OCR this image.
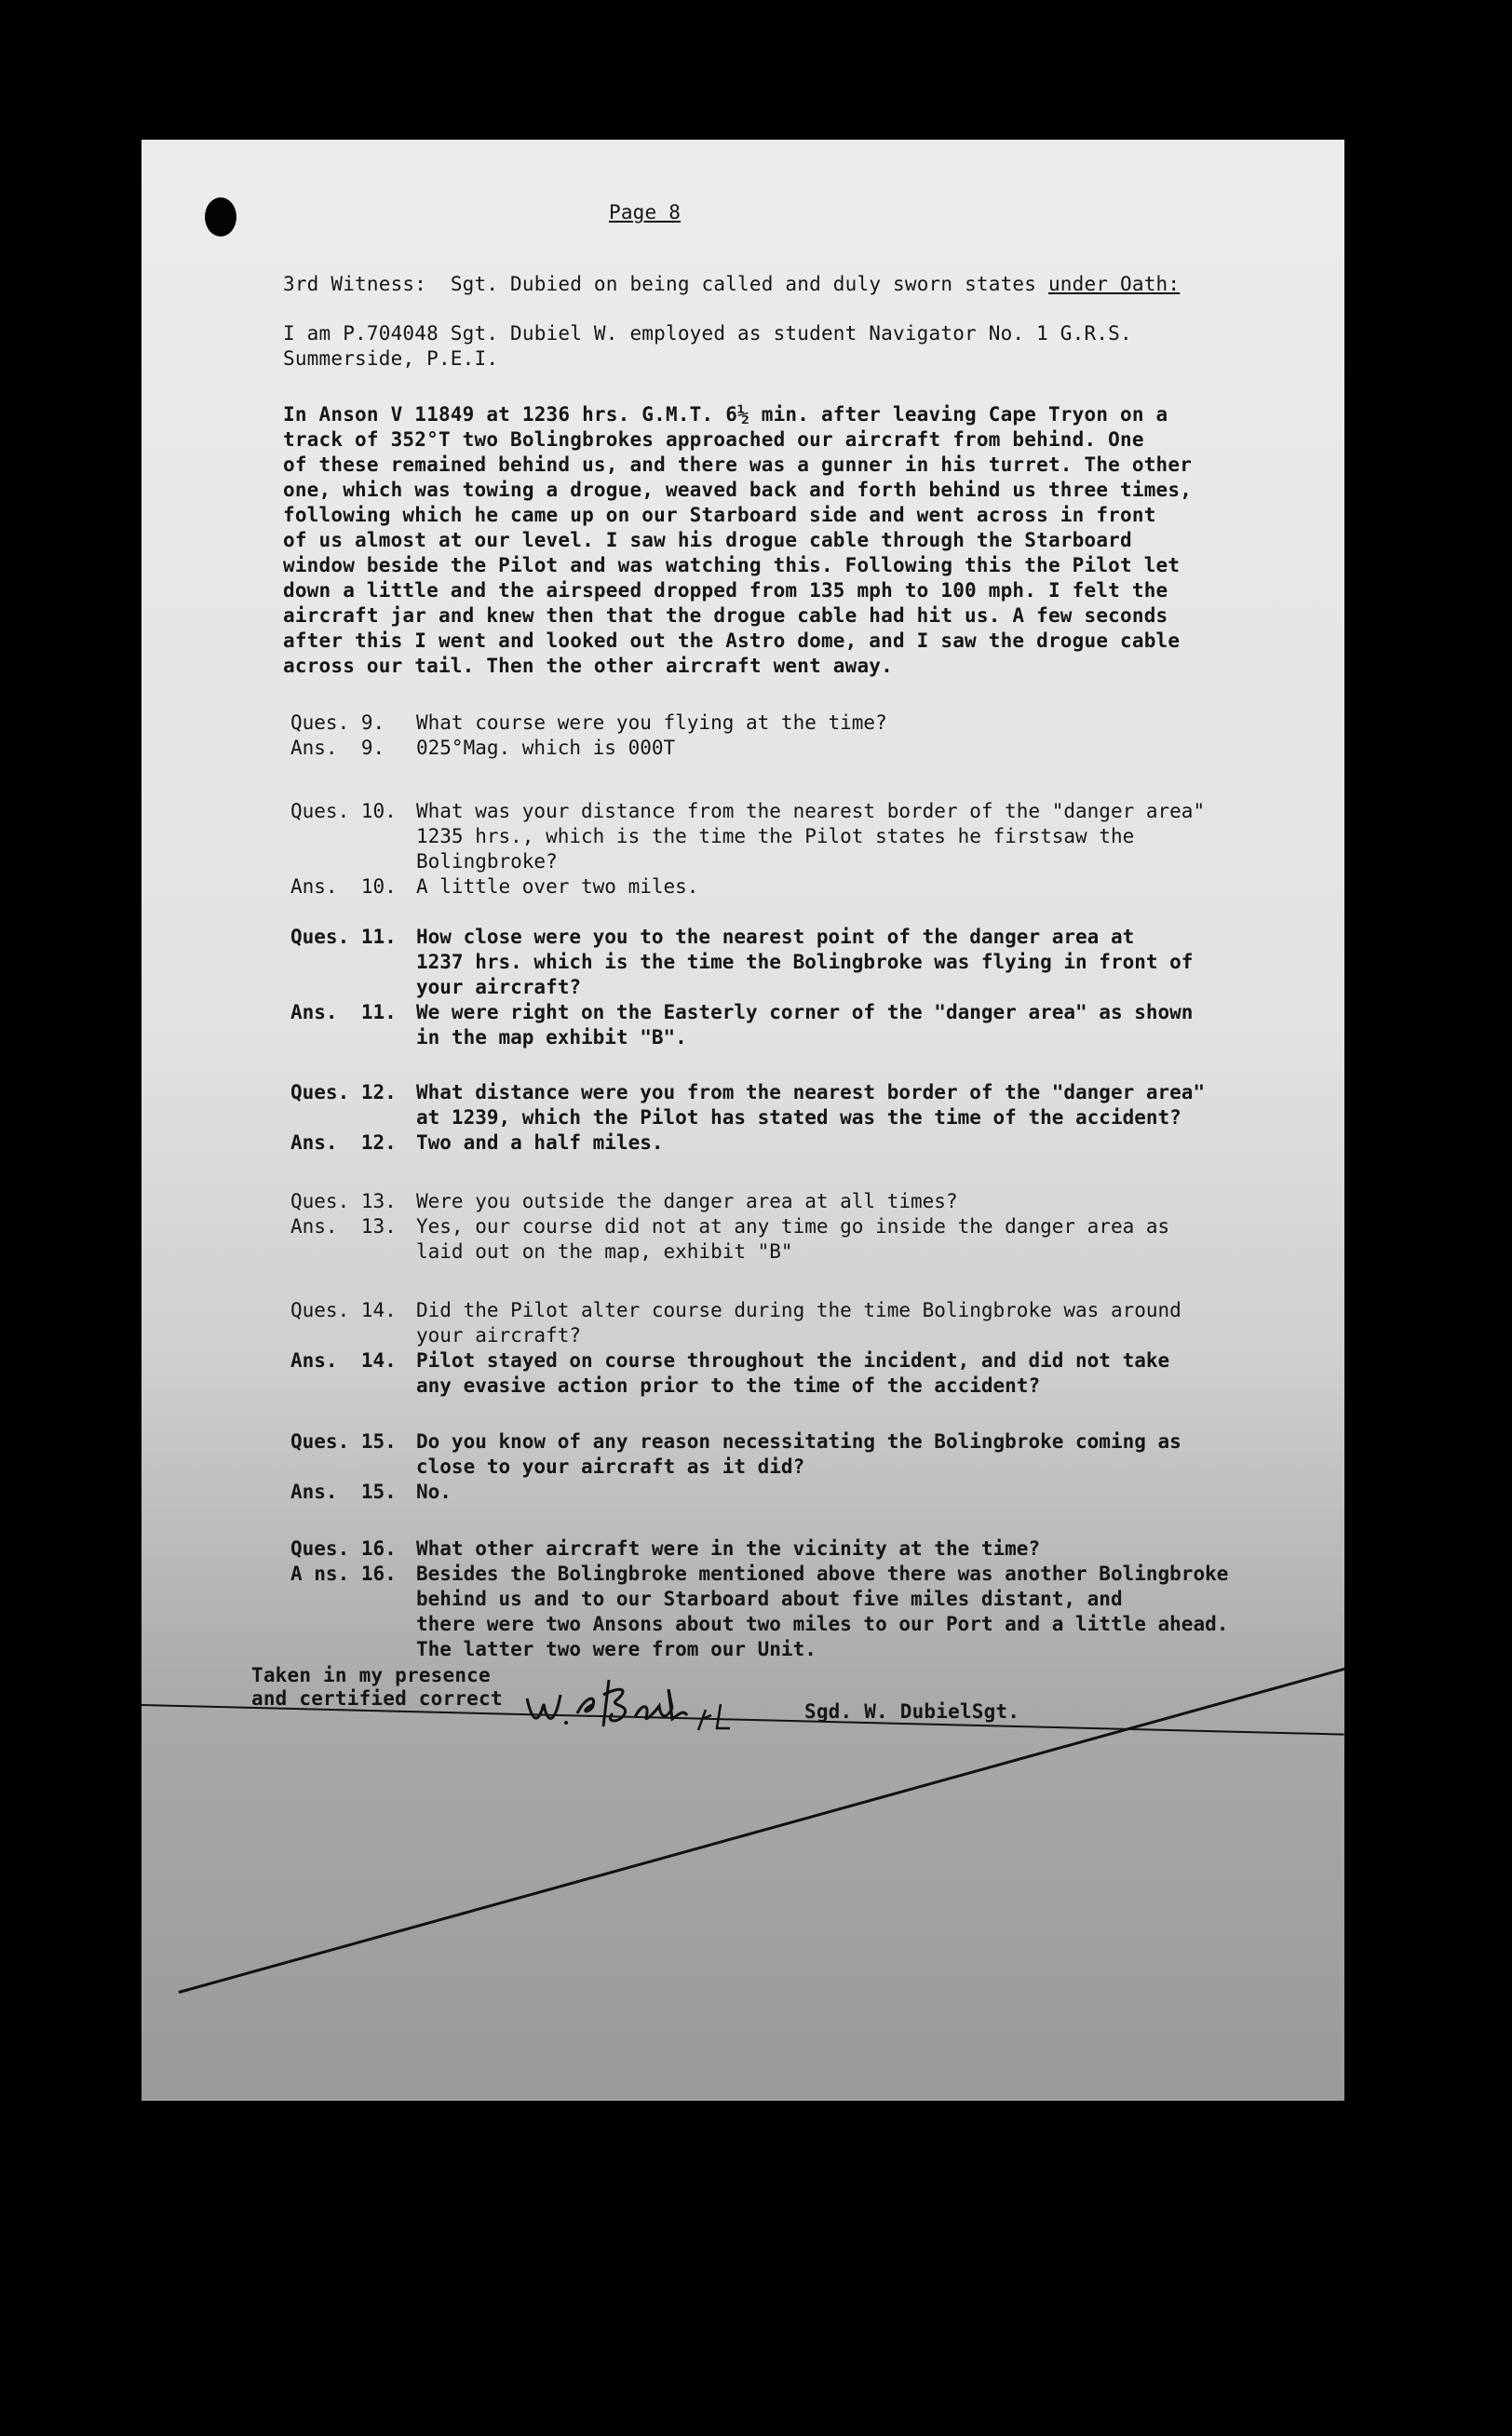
Page 8
3rd Witness: Sgt. Dubied on being called and duly sworn states under Oath:
I am P.704048 Sgt. Dubiel W. employed as student Navigator No. 1 G.R.S.
Summerside, P.E.I.
In Anson V 11849 at 1236 hrs. G.M.T. 6½ min. after leaving Cape Tryon on a
track of 352°T two Bolingbrokes approached our aircraft from behind. One
of these remained behind us, and there was a gunner in his turret. The other
one, which was towing a drogue, weaved back and forth behind us three times,
following which he came up on our Starboard side and went across in front
of us almost at our level. I saw his drogue cable through the Starboard
window beside the Pilot and was watching this. Following this the Pilot let
down a little and the airspeed dropped from 135 mph to 100 mph. I felt the
aircraft jar and knew then that the drogue cable had hit us. A few seconds
after this I went and looked out the Astro dome, and I saw the drogue cable
across our tail. Then the other aircraft went away.
Ques. 9. What course were you flying at the time?
Ans.  9. 025°Mag. which is 000T
Ques. 10. What was your distance from the nearest border of the "danger area"
1235 hrs., which is the time the Pilot states he firstsaw the
Bolingbroke?
Ans.  10. A little over two miles.
Ques. 11. How close were you to the nearest point of the danger area at
1237 hrs. which is the time the Bolingbroke was flying in front of
your aircraft?
Ans.  11. We were right on the Easterly corner of the "danger area" as shown
in the map exhibit "B".
Ques. 12. What distance were you from the nearest border of the "danger area"
at 1239, which the Pilot has stated was the time of the accident?
Ans.  12. Two and a half miles.
Ques. 13. Were you outside the danger area at all times?
Ans.  13. Yes, our course did not at any time go inside the danger area as
laid out on the map, exhibit "B"
Ques. 14. Did the Pilot alter course during the time Bolingbroke was around
your aircraft?
Ans.  14. Pilot stayed on course throughout the incident, and did not take
any evasive action prior to the time of the accident?
Ques. 15. Do you know of any reason necessitating the Bolingbroke coming as
close to your aircraft as it did?
Ans.  15. No.
Ques. 16. What other aircraft were in the vicinity at the time?
A ns. 16. Besides the Bolingbroke mentioned above there was another Bolingbroke
behind us and to our Starboard about five miles distant, and
there were two Ansons about two miles to our Port and a little ahead.
The latter two were from our Unit.
Taken in my presence
and certified correct
W. E. Earle F/L
Sgd. W. DubielSgt.
